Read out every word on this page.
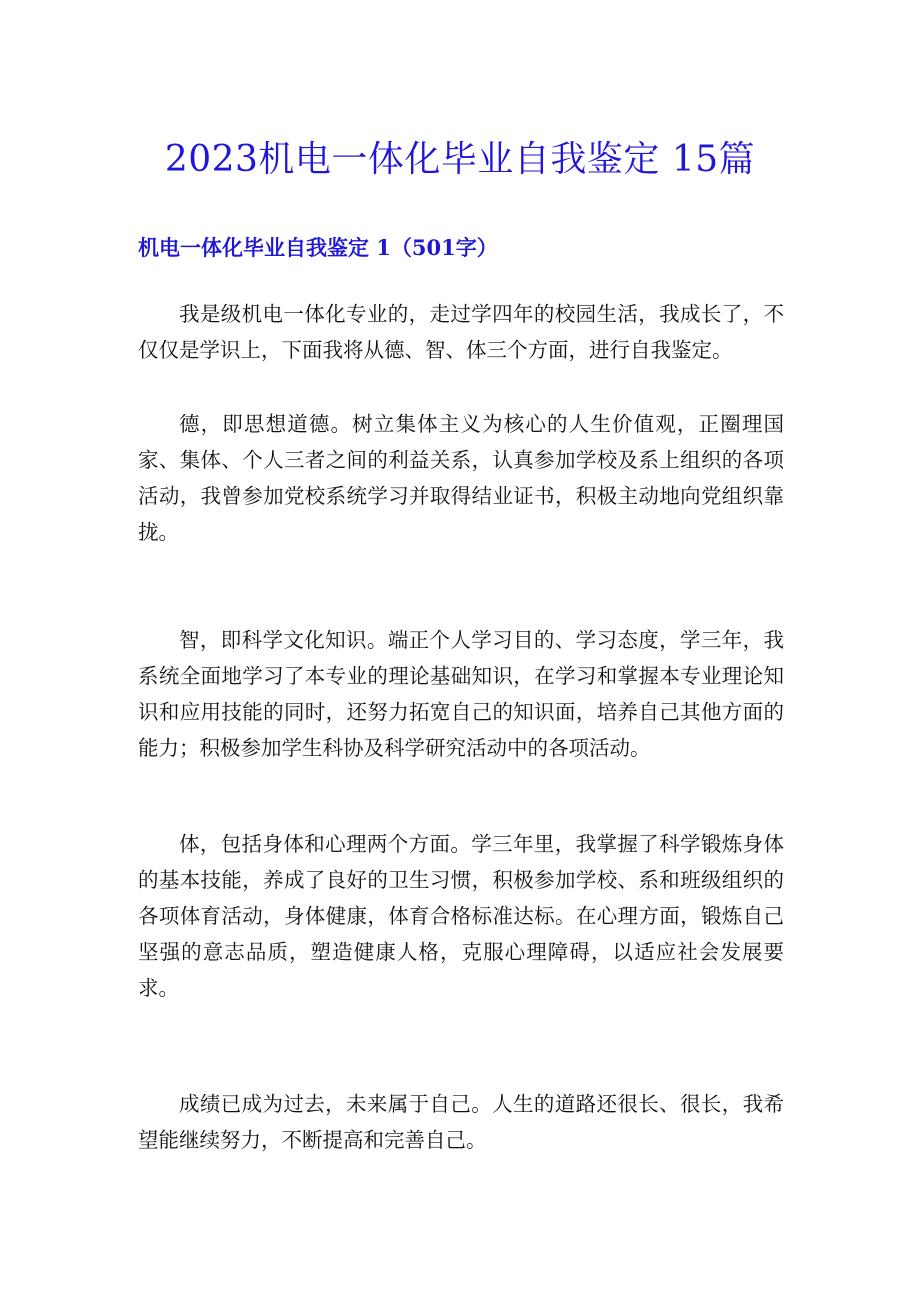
2023机电一体化毕业自我鉴定 15篇
机电一体化毕业自我鉴定 1（501字）

我是级机电一体化专业的，走过学四年的校园生活，我成长了，不仅仅是学识上，下面我将从德、智、体三个方面，进行自我鉴定。

德，即思想道德。树立集体主义为核心的人生价值观，正圈理国家、集体、个人三者之间的利益关系，认真参加学校及系上组织的各项活动，我曾参加党校系统学习并取得结业证书，积极主动地向党组织靠拢。

智，即科学文化知识。端正个人学习目的、学习态度，学三年，我系统全面地学习了本专业的理论基础知识，在学习和掌握本专业理论知识和应用技能的同时，还努力拓宽自己的知识面，培养自己其他方面的能力；积极参加学生科协及科学研究活动中的各项活动。

体，包括身体和心理两个方面。学三年里，我掌握了科学锻炼身体的基本技能，养成了良好的卫生习惯，积极参加学校、系和班级组织的各项体育活动，身体健康，体育合格标准达标。在心理方面，锻炼自己坚强的意志品质，塑造健康人格，克服心理障碍，以适应社会发展要求。

成绩已成为过去，未来属于自己。人生的道路还很长、很长，我希望能继续努力，不断提高和完善自己。
